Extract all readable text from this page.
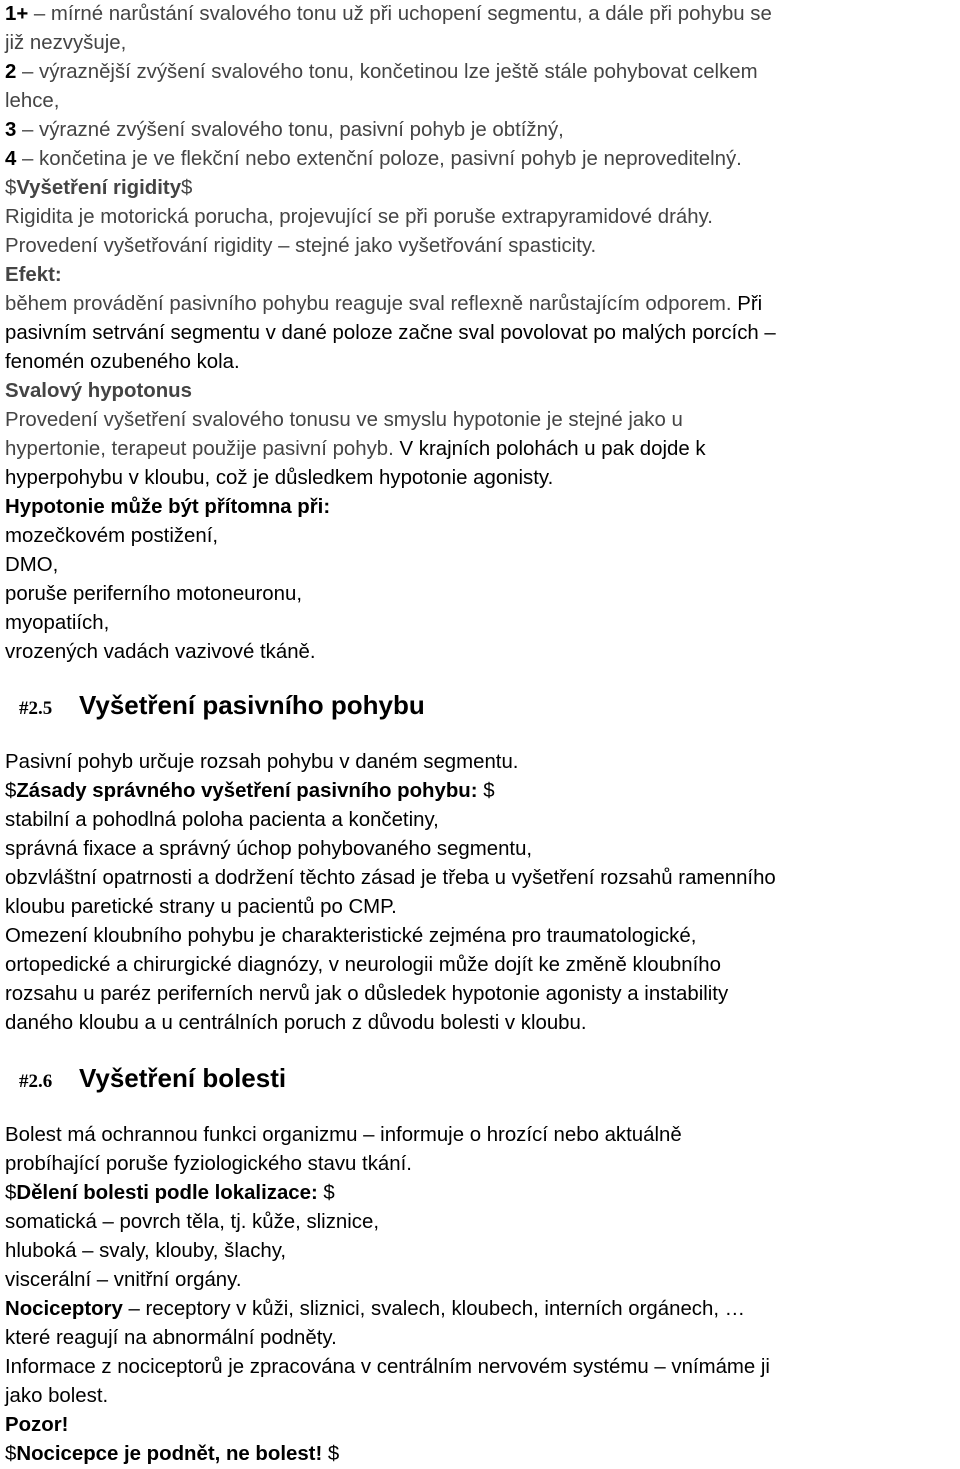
1+ – mírné narůstání svalového tonu už při uchopení segmentu, a dále při pohybu se
již nezvyšuje,
2 – výraznější zvýšení svalového tonu, končetinou lze ještě stále pohybovat celkem
lehce,
3 – výrazné zvýšení svalového tonu, pasivní pohyb je obtížný,
4 – končetina je ve flekční nebo extenční poloze, pasivní pohyb je neproveditelný.
$Vyšetření rigidity$
Rigidita je motorická porucha, projevující se při poruše extrapyramidové dráhy.
Provedení vyšetřování rigidity – stejné jako vyšetřování spasticity.
Efekt:
během provádění pasivního pohybu reaguje sval reflexně narůstajícím odporem. Při
pasivním setrvání segmentu v dané poloze začne sval povolovat po malých porcích –
fenomén ozubeného kola.
Svalový hypotonus
Provedení vyšetření svalového tonusu ve smyslu hypotonie je stejné jako u
hypertonie, terapeut použije pasivní pohyb. V krajních polohách u pak dojde k
hyperpohybu v kloubu, což je důsledkem hypotonie agonisty.
Hypotonie může být přítomna při:
mozečkovém postižení,
DMO,
poruše periferního motoneuronu,
myopatiích,
vrozených vadách vazivové tkáně.
#2.5	Vyšetření pasivního pohybu
Pasivní pohyb určuje rozsah pohybu v daném segmentu.
$Zásady správného vyšetření pasivního pohybu: $
stabilní a pohodlná poloha pacienta a končetiny,
správná fixace a správný úchop pohybovaného segmentu,
obzvláštní opatrnosti a dodržení těchto zásad je třeba u vyšetření rozsahů ramenního
kloubu paretické strany u pacientů po CMP.
Omezení kloubního pohybu je charakteristické zejména pro traumatologické,
ortopedické a chirurgické diagnózy, v neurologii může dojít ke změně kloubního
rozsahu u paréz periferních nervů jak o důsledek hypotonie agonisty a instability
daného kloubu a u centrálních poruch z důvodu bolesti v kloubu.
#2.6	Vyšetření bolesti
Bolest má ochrannou funkci organizmu – informuje o hrozící nebo aktuálně
probíhající poruše fyziologického stavu tkání.
$Dělení bolesti podle lokalizace: $
somatická – povrch těla, tj. kůže, sliznice,
hluboká – svaly, klouby, šlachy,
viscerální – vnitřní orgány.
Nociceptory – receptory v kůži, sliznici, svalech, kloubech, interních orgánech, …
které reagují na abnormální podněty.
Informace z nociceptorů je zpracována v centrálním nervovém systému – vnímáme ji
jako bolest.
Pozor!
$Nocicepce je podnět, ne bolest! $
